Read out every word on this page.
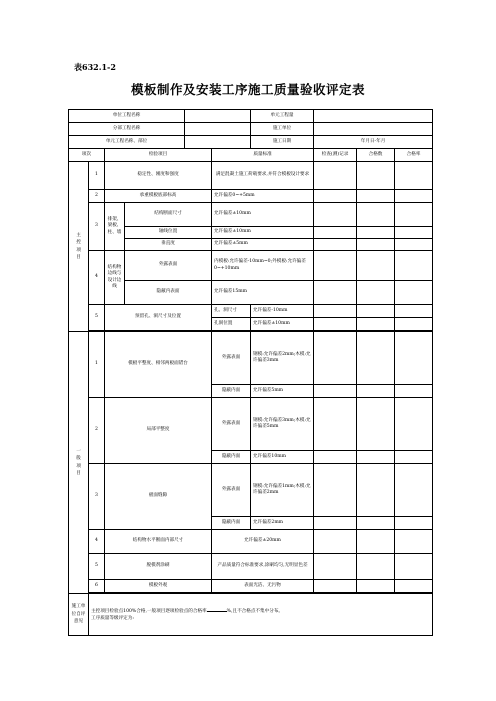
表632.1-2
模板制作及安装工序施工质量验收评定表
单位工程名称						单元工程量			
分部工程名称						施工单位			
单元工程名称、部位						施工日期	年月日-年月		
项次		检验项目			质量标准		检查(测)记录	合格数	合格率
主
控
项
目	1	稳定性、刚度和强度			满足混凝土施工荷载要求,并符合模板设计要求				
	2	承重模板底部标高			允许偏差0~+5mm				
	3	排架、梁板、柱、墙	结构断面尺寸		允许偏差±10mm				
			轴线位置		允许偏差±10mm				
			垂直度		允许偏差±5mm				
	4	结构物边线与设计边线	外露表面		内模板:允许偏差-10mm~0;外模板:允许偏差0~+10mm				
			隐蔽内表面		允许偏差15mm				
	5	预留孔、洞尺寸及位置			孔、洞尺寸	允许偏差-10mm			
					孔洞位置	允许偏差±10mm			

一
般
项
目	1	模板平整度、相邻两板面错台			外露表面	钢模:允许偏差2mm;木模:允许偏差3mm			
					隐蔽内面	允许偏差5mm			
	2	局部平整度			外露表面	钢模:允许偏差3mm;木模:允许偏差5mm			
					隐蔽内面	允许偏差10mm			
	3	板面缝隙			外露表面	钢模:允许偏差1mm;木模:允许偏差2mm			
					隐蔽内面	允许偏差2mm			
	4	结构物水平断面内部尺寸			允许偏差±20mm				
	5	脱模剂涂刷			产品质量符合标准要求,涂刷均匀,无明显色差				
	6	模板外观			表面光洁、无污物				

施工单位自评意见	主控项目检验点100%合格,一般项目逐项检验点的合格率 %,且不合格点不集中分布。
工序质量等级评定为:								
